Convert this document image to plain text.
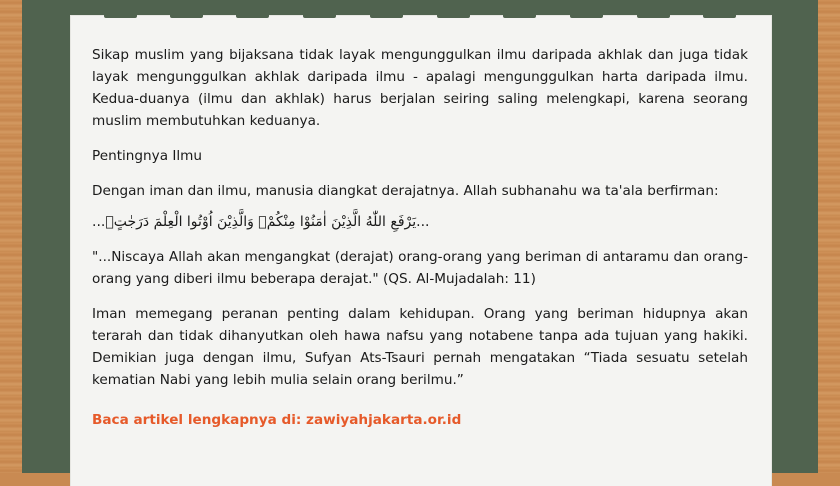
Sikap muslim yang bijaksana tidak layak mengunggulkan ilmu daripada akhlak dan juga tidak layak mengunggulkan akhlak daripada ilmu - apalagi mengunggulkan harta daripada ilmu. Kedua-duanya (ilmu dan akhlak) harus berjalan seiring saling melengkapi, karena seorang muslim membutuhkan keduanya.

Pentingnya Ilmu

Dengan iman dan ilmu, manusia diangkat derajatnya. Allah subhanahu wa ta'ala berfirman:

...يَرْفَعِ اللّٰهُ الَّذِيْنَ اٰمَنُوْا مِنْكُمْۙ وَالَّذِيْنَ اُوْتُوا الْعِلْمَ دَرَجٰتٍۗ...

"...Niscaya Allah akan mengangkat (derajat) orang-orang yang beriman di antaramu dan orang-orang yang diberi ilmu beberapa derajat." (QS. Al-Mujadalah: 11)

Iman memegang peranan penting dalam kehidupan. Orang yang beriman hidupnya akan terarah dan tidak dihanyutkan oleh hawa nafsu yang notabene tanpa ada tujuan yang hakiki. Demikian juga dengan ilmu, Sufyan Ats-Tsauri pernah mengatakan “Tiada sesuatu setelah kematian Nabi yang lebih mulia selain orang berilmu.”

Baca artikel lengkapnya di: zawiyahjakarta.or.id
